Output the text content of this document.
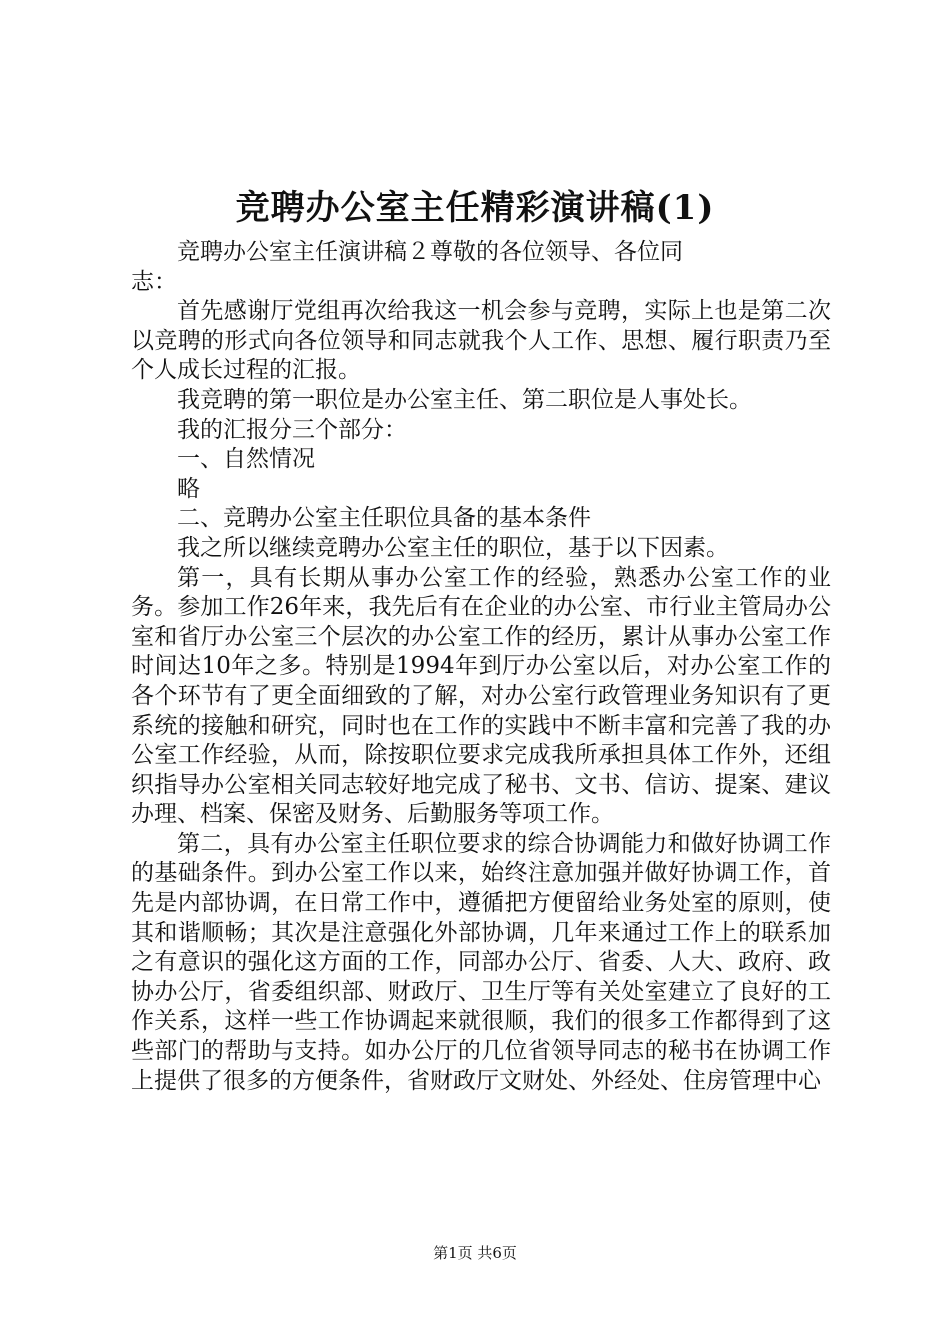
竞聘办公室主任精彩演讲稿(1)

竞聘办公室主任演讲稿２尊敬的各位领导、各位同志：

首先感谢厅党组再次给我这一机会参与竞聘，实际上也是第二次以竞聘的形式向各位领导和同志就我个人工作、思想、履行职责乃至个人成长过程的汇报。

我竞聘的第一职位是办公室主任、第二职位是人事处长。

我的汇报分三个部分：

一、自然情况

略

二、竞聘办公室主任职位具备的基本条件

我之所以继续竞聘办公室主任的职位，基于以下因素。

第一，具有长期从事办公室工作的经验，熟悉办公室工作的业务。参加工作26年来，我先后有在企业的办公室、市行业主管局办公室和省厅办公室三个层次的办公室工作的经历，累计从事办公室工作时间达10年之多。特别是1994年到厅办公室以后，对办公室工作的各个环节有了更全面细致的了解，对办公室行政管理业务知识有了更系统的接触和研究，同时也在工作的实践中不断丰富和完善了我的办公室工作经验，从而，除按职位要求完成我所承担具体工作外，还组织指导办公室相关同志较好地完成了秘书、文书、信访、提案、建议办理、档案、保密及财务、后勤服务等项工作。

第二，具有办公室主任职位要求的综合协调能力和做好协调工作的基础条件。到办公室工作以来，始终注意加强并做好协调工作，首先是内部协调，在日常工作中，遵循把方便留给业务处室的原则，使其和谐顺畅；其次是注意强化外部协调，几年来通过工作上的联系加之有意识的强化这方面的工作，同部办公厅、省委、人大、政府、政协办公厅，省委组织部、财政厅、卫生厅等有关处室建立了良好的工作关系，这样一些工作协调起来就很顺，我们的很多工作都得到了这些部门的帮助与支持。如办公厅的几位省领导同志的秘书在协调工作上提供了很多的方便条件，省财政厅文财处、外经处、住房管理中心

第1页 共6页
